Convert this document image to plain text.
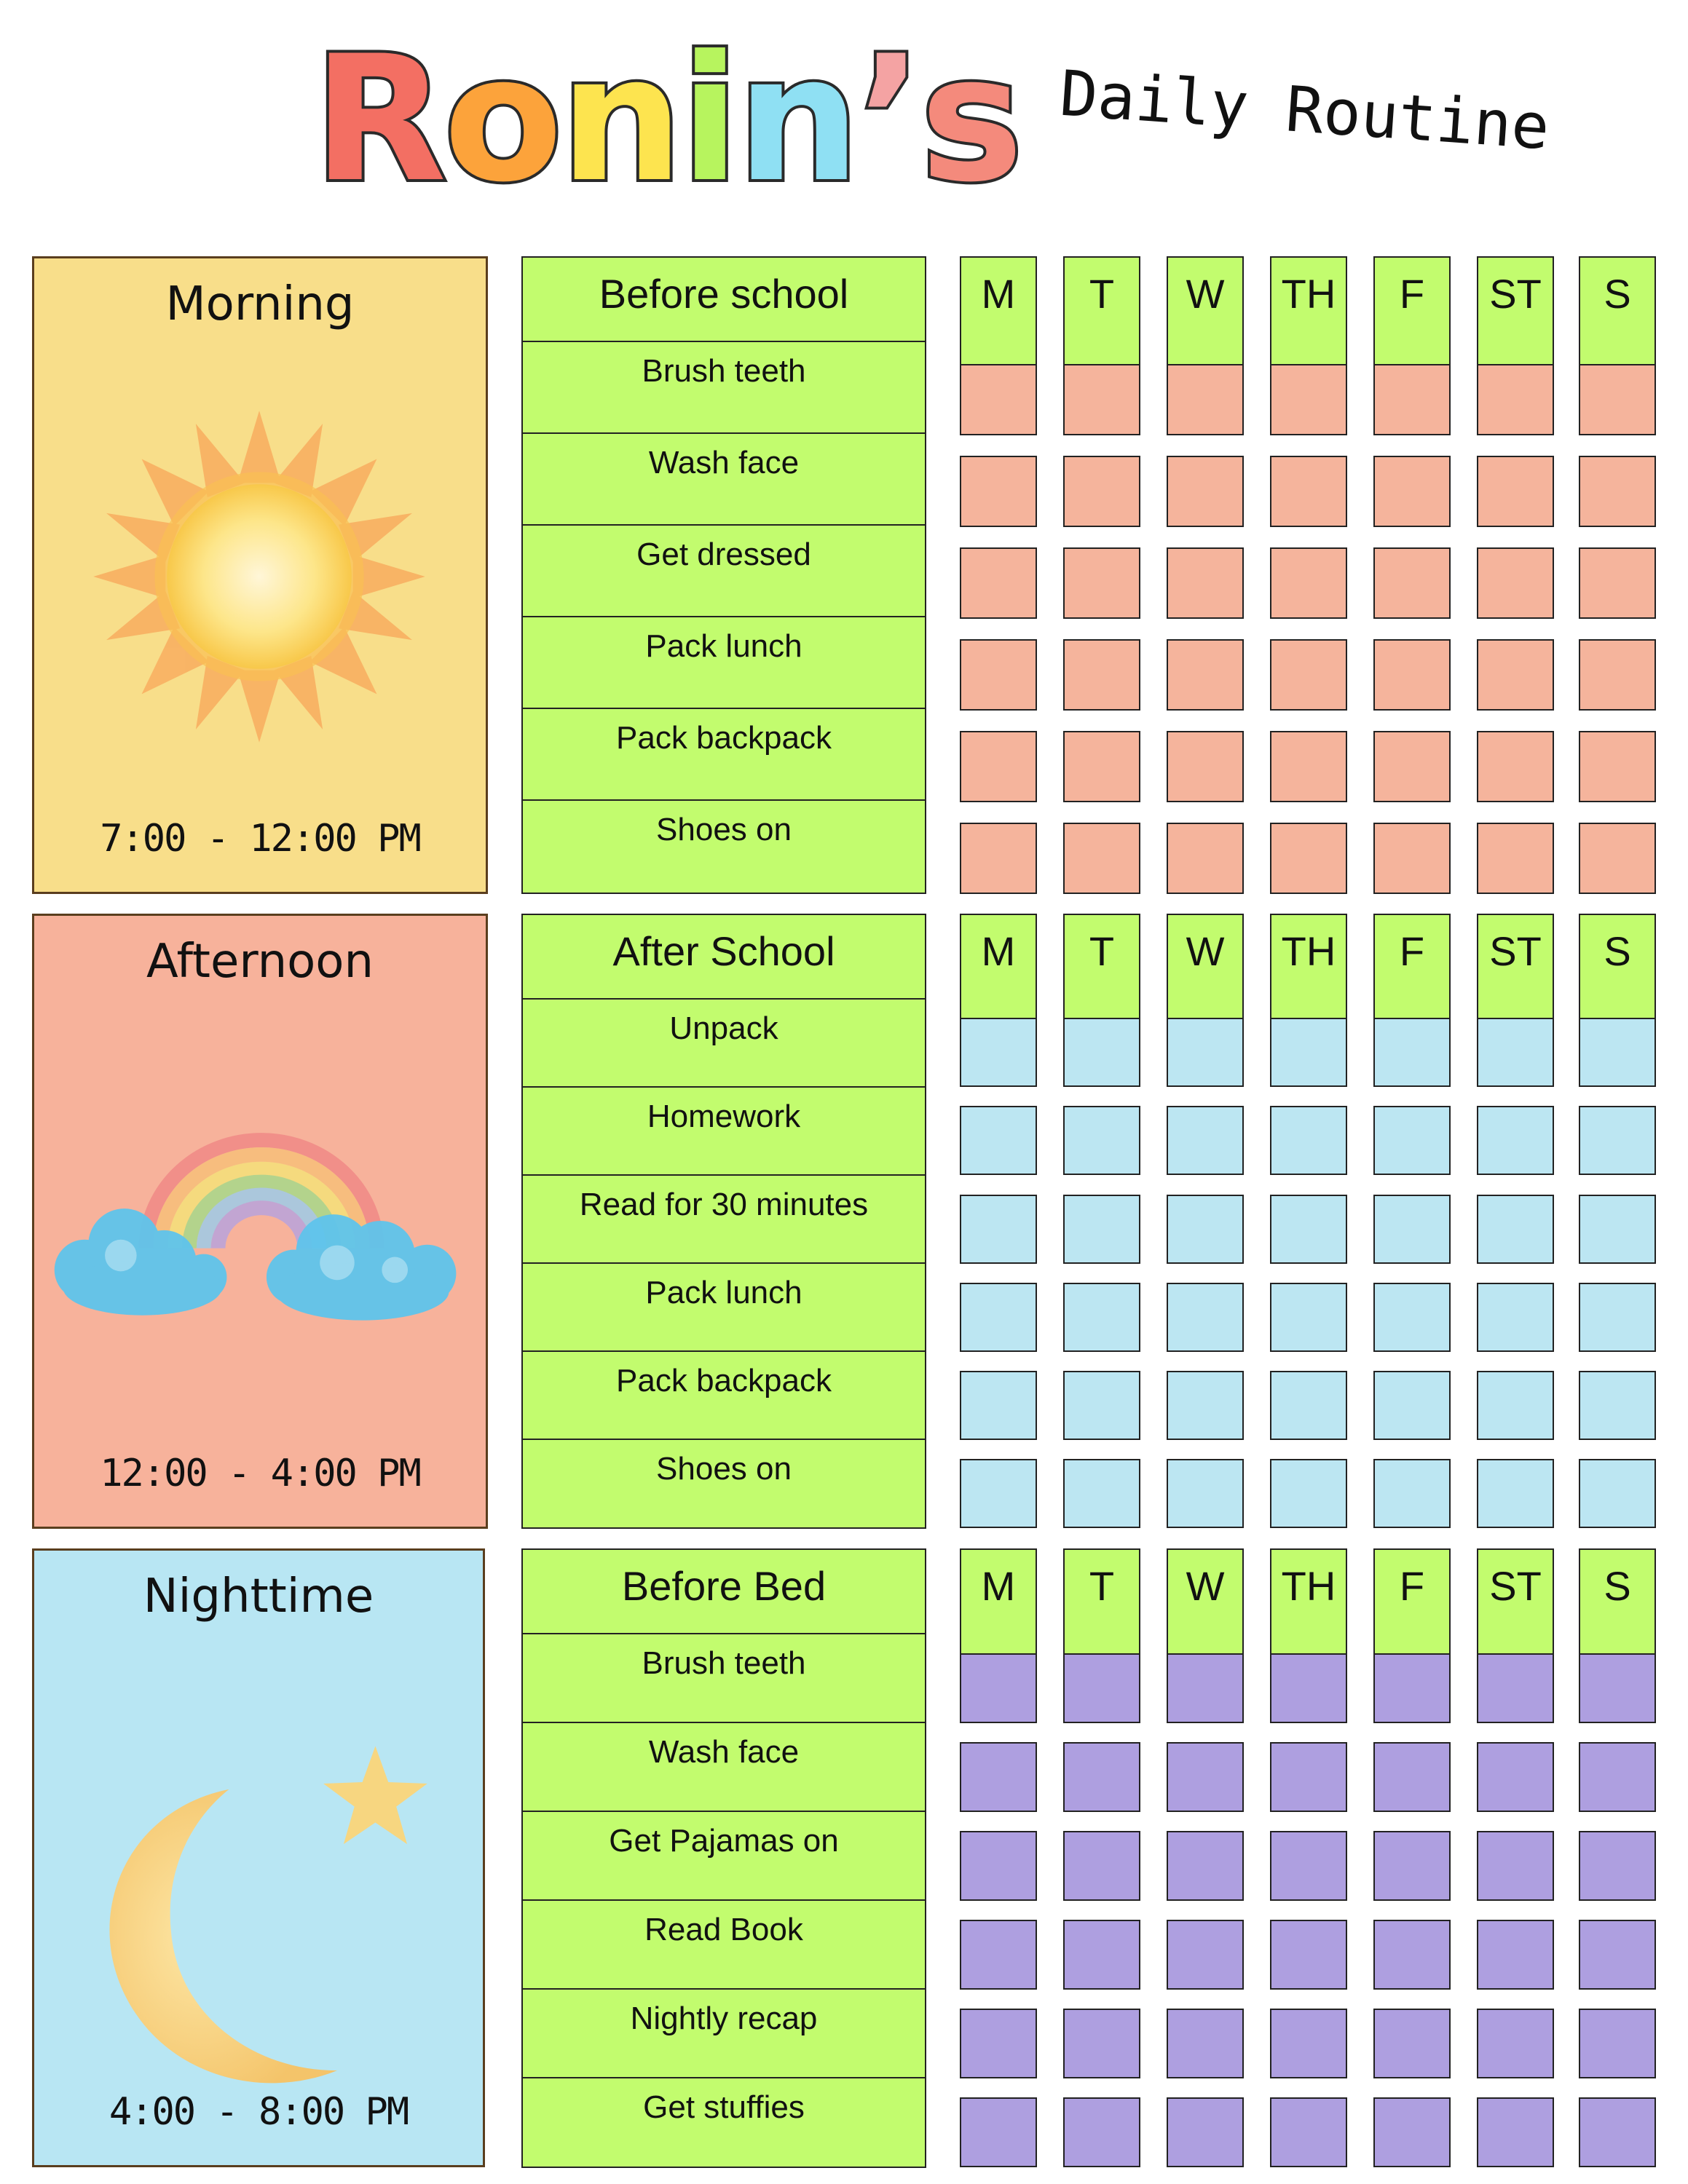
Ronin’s Daily Routine
Morning
7:00 - 12:00 PM
Before school
Brush teeth
Wash face
Get dressed
Pack lunch
Pack backpack
Shoes on
M	T	W	TH	F	ST	S
Afternoon
12:00 - 4:00 PM
After School
Unpack
Homework
Read for 30 minutes
Pack lunch
Pack backpack
Shoes on
M	T	W	TH	F	ST	S
Nighttime
4:00 - 8:00 PM
Before Bed
Brush teeth
Wash face
Get Pajamas on
Read Book
Nightly recap
Get stuffies
M	T	W	TH	F	ST	S
